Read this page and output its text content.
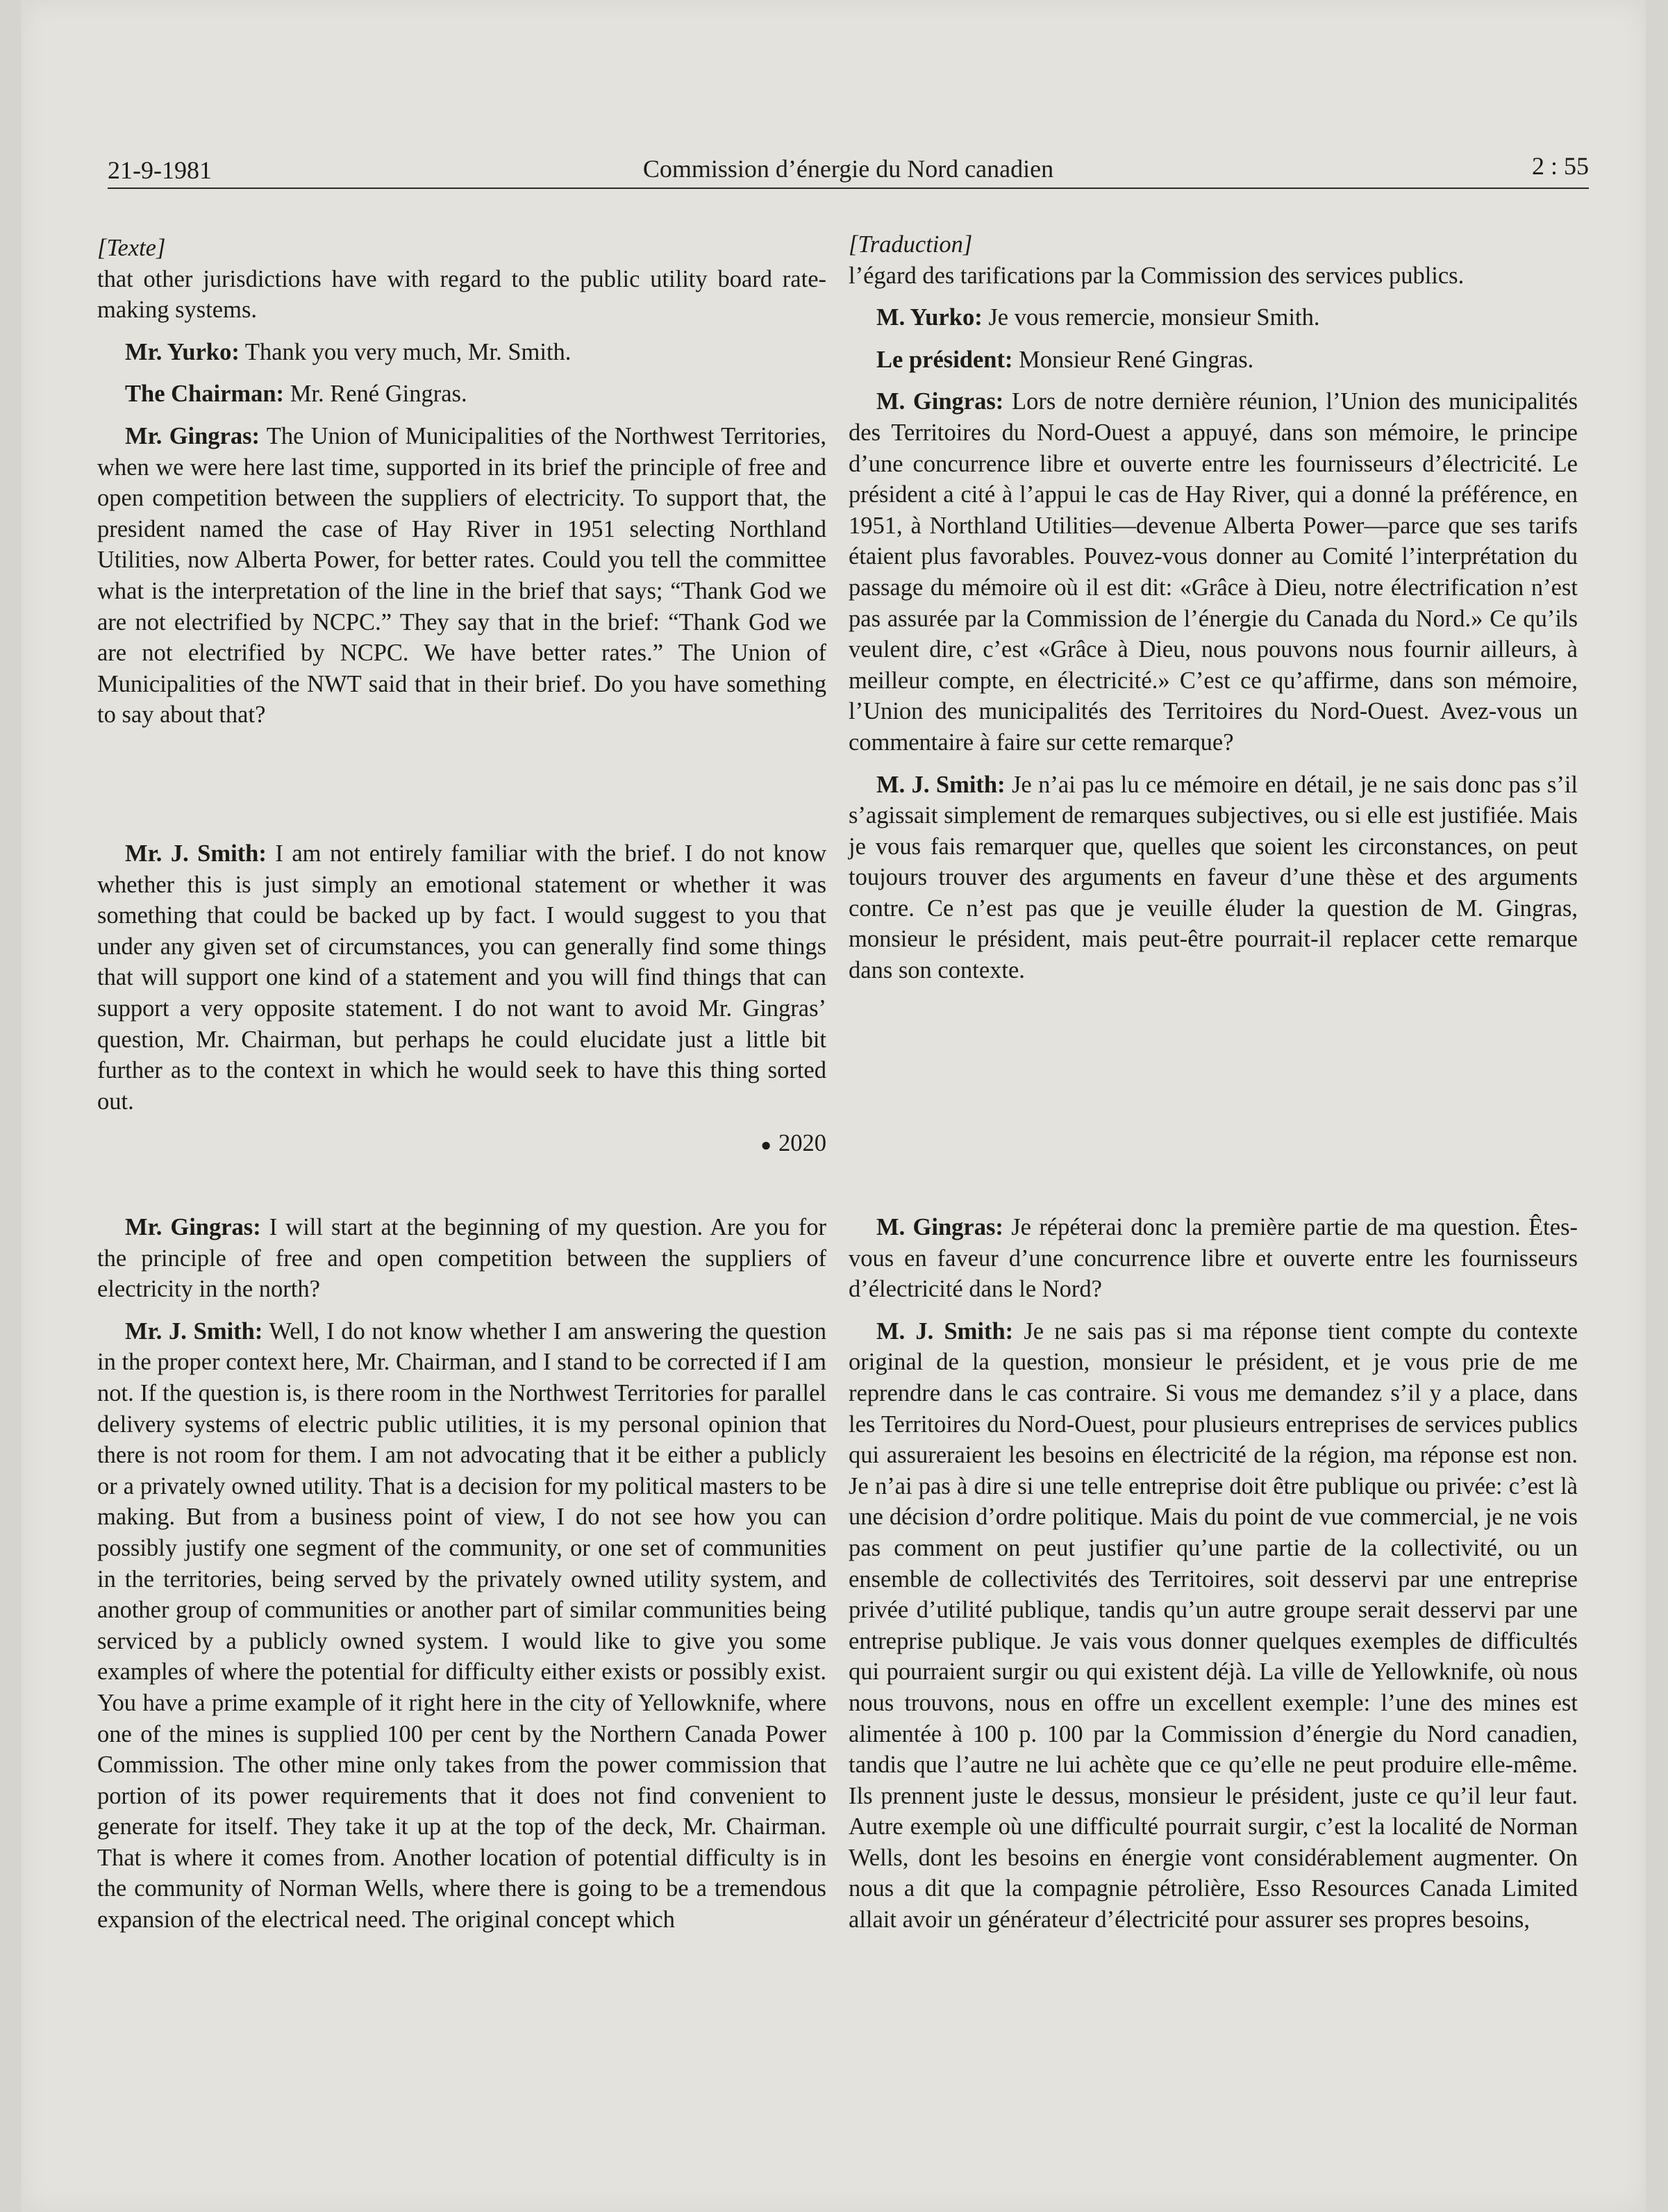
21-9-1981	Commission d’énergie du Nord canadien	2 : 55

[Texte]

that other jurisdictions have with regard to the public utility board rate-making systems.

Mr. Yurko: Thank you very much, Mr. Smith.

The Chairman: Mr. René Gingras.

Mr. Gingras: The Union of Municipalities of the Northwest Territories, when we were here last time, supported in its brief the principle of free and open competition between the suppliers of electricity. To support that, the president named the case of Hay River in 1951 selecting Northland Utilities, now Alberta Power, for better rates. Could you tell the committee what is the interpretation of the line in the brief that says; “Thank God we are not electrified by NCPC.” They say that in the brief: “Thank God we are not electrified by NCPC. We have better rates.” The Union of Municipalities of the NWT said that in their brief. Do you have something to say about that?

Mr. J. Smith: I am not entirely familiar with the brief. I do not know whether this is just simply an emotional statement or whether it was something that could be backed up by fact. I would suggest to you that under any given set of circumstances, you can generally find some things that will support one kind of a statement and you will find things that can support a very opposite statement. I do not want to avoid Mr. Gingras’ question, Mr. Chairman, but perhaps he could elucidate just a little bit further as to the context in which he would seek to have this thing sorted out.

● 2020

Mr. Gingras: I will start at the beginning of my question. Are you for the principle of free and open competition between the suppliers of electricity in the north?

Mr. J. Smith: Well, I do not know whether I am answering the question in the proper context here, Mr. Chairman, and I stand to be corrected if I am not. If the question is, is there room in the Northwest Territories for parallel delivery systems of electric public utilities, it is my personal opinion that there is not room for them. I am not advocating that it be either a publicly or a privately owned utility. That is a decision for my political masters to be making. But from a business point of view, I do not see how you can possibly justify one segment of the community, or one set of communities in the territories, being served by the privately owned utility system, and another group of communities or another part of similar communities being serviced by a publicly owned system. I would like to give you some examples of where the potential for difficulty either exists or possibly exist. You have a prime example of it right here in the city of Yellowknife, where one of the mines is supplied 100 per cent by the Northern Canada Power Commission. The other mine only takes from the power commission that portion of its power requirements that it does not find convenient to generate for itself. They take it up at the top of the deck, Mr. Chairman. That is where it comes from. Another location of potential difficulty is in the community of Norman Wells, where there is going to be a tremendous expansion of the electrical need. The original concept which

[Traduction]

l’égard des tarifications par la Commission des services publics.

M. Yurko: Je vous remercie, monsieur Smith.

Le président: Monsieur René Gingras.

M. Gingras: Lors de notre dernière réunion, l’Union des municipalités des Territoires du Nord-Ouest a appuyé, dans son mémoire, le principe d’une concurrence libre et ouverte entre les fournisseurs d’électricité. Le président a cité à l’appui le cas de Hay River, qui a donné la préférence, en 1951, à Northland Utilities—devenue Alberta Power—parce que ses tarifs étaient plus favorables. Pouvez-vous donner au Comité l’interprétation du passage du mémoire où il est dit: «Grâce à Dieu, notre électrification n’est pas assurée par la Commission de l’énergie du Canada du Nord.» Ce qu’ils veulent dire, c’est «Grâce à Dieu, nous pouvons nous fournir ailleurs, à meilleur compte, en électricité.» C’est ce qu’affirme, dans son mémoire, l’Union des municipalités des Territoires du Nord-Ouest. Avez-vous un commentaire à faire sur cette remarque?

M. J. Smith: Je n’ai pas lu ce mémoire en détail, je ne sais donc pas s’il s’agissait simplement de remarques subjectives, ou si elle est justifiée. Mais je vous fais remarquer que, quelles que soient les circonstances, on peut toujours trouver des arguments en faveur d’une thèse et des arguments contre. Ce n’est pas que je veuille éluder la question de M. Gingras, monsieur le président, mais peut-être pourrait-il replacer cette remarque dans son contexte.

M. Gingras: Je répéterai donc la première partie de ma question. Êtes-vous en faveur d’une concurrence libre et ouverte entre les fournisseurs d’électricité dans le Nord?

M. J. Smith: Je ne sais pas si ma réponse tient compte du contexte original de la question, monsieur le président, et je vous prie de me reprendre dans le cas contraire. Si vous me demandez s’il y a place, dans les Territoires du Nord-Ouest, pour plusieurs entreprises de services publics qui assureraient les besoins en électricité de la région, ma réponse est non. Je n’ai pas à dire si une telle entreprise doit être publique ou privée: c’est là une décision d’ordre politique. Mais du point de vue commercial, je ne vois pas comment on peut justifier qu’une partie de la collectivité, ou un ensemble de collectivités des Territoires, soit desservi par une entreprise privée d’utilité publique, tandis qu’un autre groupe serait desservi par une entreprise publique. Je vais vous donner quelques exemples de difficultés qui pourraient surgir ou qui existent déjà. La ville de Yellowknife, où nous nous trouvons, nous en offre un excellent exemple: l’une des mines est alimentée à 100 p. 100 par la Commission d’énergie du Nord canadien, tandis que l’autre ne lui achète que ce qu’elle ne peut produire elle-même. Ils prennent juste le dessus, monsieur le président, juste ce qu’il leur faut. Autre exemple où une difficulté pourrait surgir, c’est la localité de Norman Wells, dont les besoins en énergie vont considérablement augmenter. On nous a dit que la compagnie pétrolière, Esso Resources Canada Limited allait avoir un générateur d’électricité pour assurer ses propres besoins,
